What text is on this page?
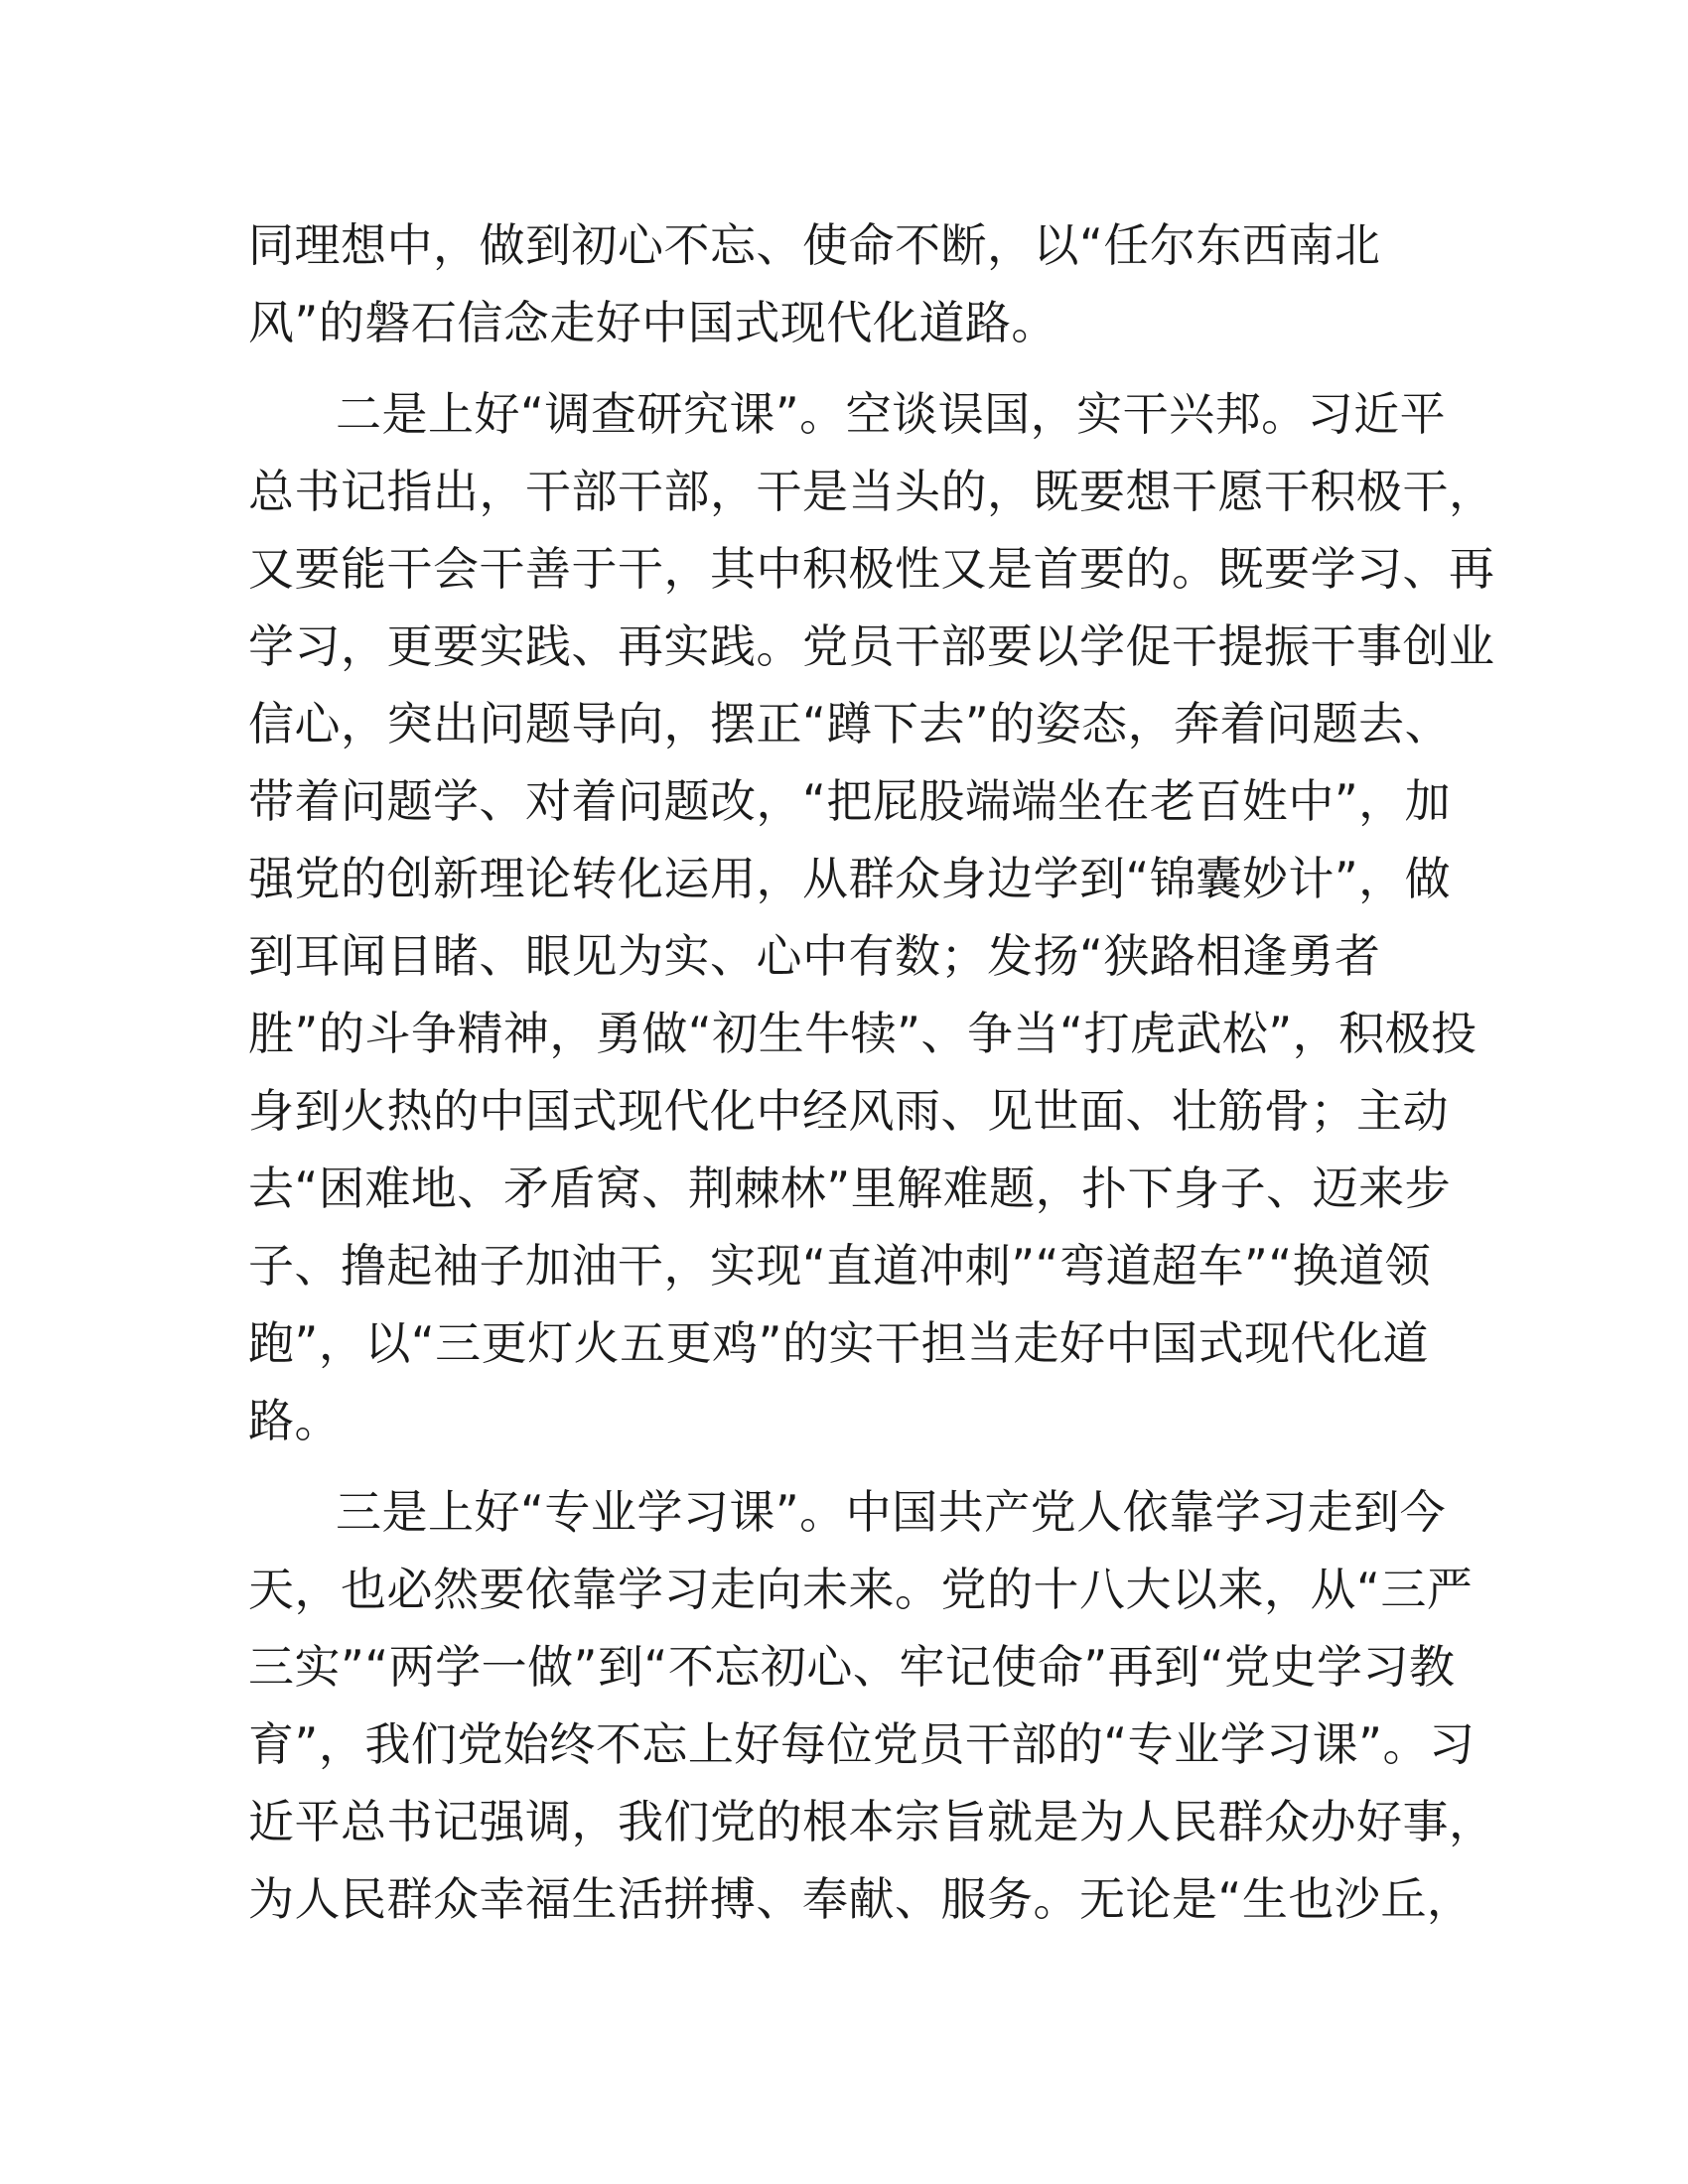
同理想中，做到初心不忘、使命不断，以“任尔东西南北
风”的磐石信念走好中国式现代化道路。
二是上好“调查研究课”。空谈误国，实干兴邦。习近平
总书记指出，干部干部，干是当头的，既要想干愿干积极干，
又要能干会干善于干，其中积极性又是首要的。既要学习、再
学习，更要实践、再实践。党员干部要以学促干提振干事创业
信心，突出问题导向，摆正“蹲下去”的姿态，奔着问题去、
带着问题学、对着问题改，“把屁股端端坐在老百姓中”，加
强党的创新理论转化运用，从群众身边学到“锦囊妙计”，做
到耳闻目睹、眼见为实、心中有数；发扬“狭路相逢勇者
胜”的斗争精神，勇做“初生牛犊”、争当“打虎武松”，积极投
身到火热的中国式现代化中经风雨、见世面、壮筋骨；主动
去“困难地、矛盾窝、荆棘林”里解难题，扑下身子、迈来步
子、撸起袖子加油干，实现“直道冲刺”“弯道超车”“换道领
跑”，以“三更灯火五更鸡”的实干担当走好中国式现代化道
路。
三是上好“专业学习课”。中国共产党人依靠学习走到今
天，也必然要依靠学习走向未来。党的十八大以来，从“三严
三实”“两学一做”到“不忘初心、牢记使命”再到“党史学习教
育”，我们党始终不忘上好每位党员干部的“专业学习课”。习
近平总书记强调，我们党的根本宗旨就是为人民群众办好事，
为人民群众幸福生活拼搏、奉献、服务。无论是“生也沙丘，
